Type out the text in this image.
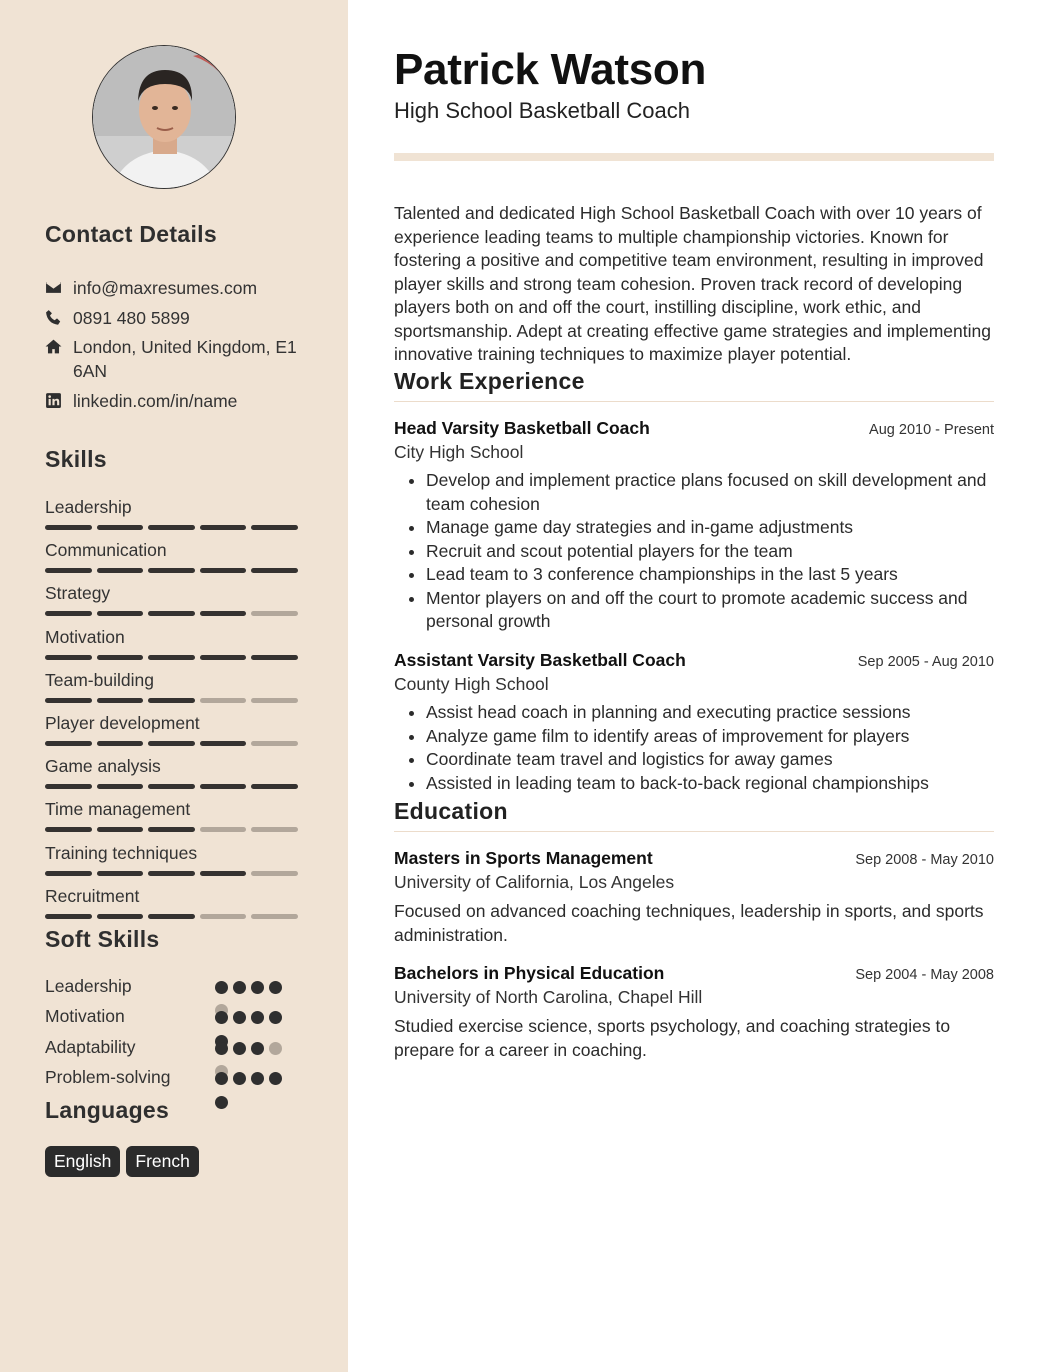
Contact Details
info@maxresumes.com
0891 480 5899
London, United Kingdom, E1 6AN
linkedin.com/in/name
Skills
Leadership
Communication
Strategy
Motivation
Team-building
Player development
Game analysis
Time management
Training techniques
Recruitment
Soft Skills
Leadership
Motivation
Adaptability
Problem-solving
Languages
English	French
Patrick Watson
High School Basketball Coach
Talented and dedicated High School Basketball Coach with over 10 years of experience leading teams to multiple championship victories. Known for fostering a positive and competitive team environment, resulting in improved player skills and strong team cohesion. Proven track record of developing players both on and off the court, instilling discipline, work ethic, and sportsmanship. Adept at creating effective game strategies and implementing innovative training techniques to maximize player potential.
Work Experience
Head Varsity Basketball Coach	Aug 2010 - Present
City High School
• Develop and implement practice plans focused on skill development and team cohesion
• Manage game day strategies and in-game adjustments
• Recruit and scout potential players for the team
• Lead team to 3 conference championships in the last 5 years
• Mentor players on and off the court to promote academic success and personal growth
Assistant Varsity Basketball Coach	Sep 2005 - Aug 2010
County High School
• Assist head coach in planning and executing practice sessions
• Analyze game film to identify areas of improvement for players
• Coordinate team travel and logistics for away games
• Assisted in leading team to back-to-back regional championships
Education
Masters in Sports Management	Sep 2008 - May 2010
University of California, Los Angeles
Focused on advanced coaching techniques, leadership in sports, and sports administration.
Bachelors in Physical Education	Sep 2004 - May 2008
University of North Carolina, Chapel Hill
Studied exercise science, sports psychology, and coaching strategies to prepare for a career in coaching.
